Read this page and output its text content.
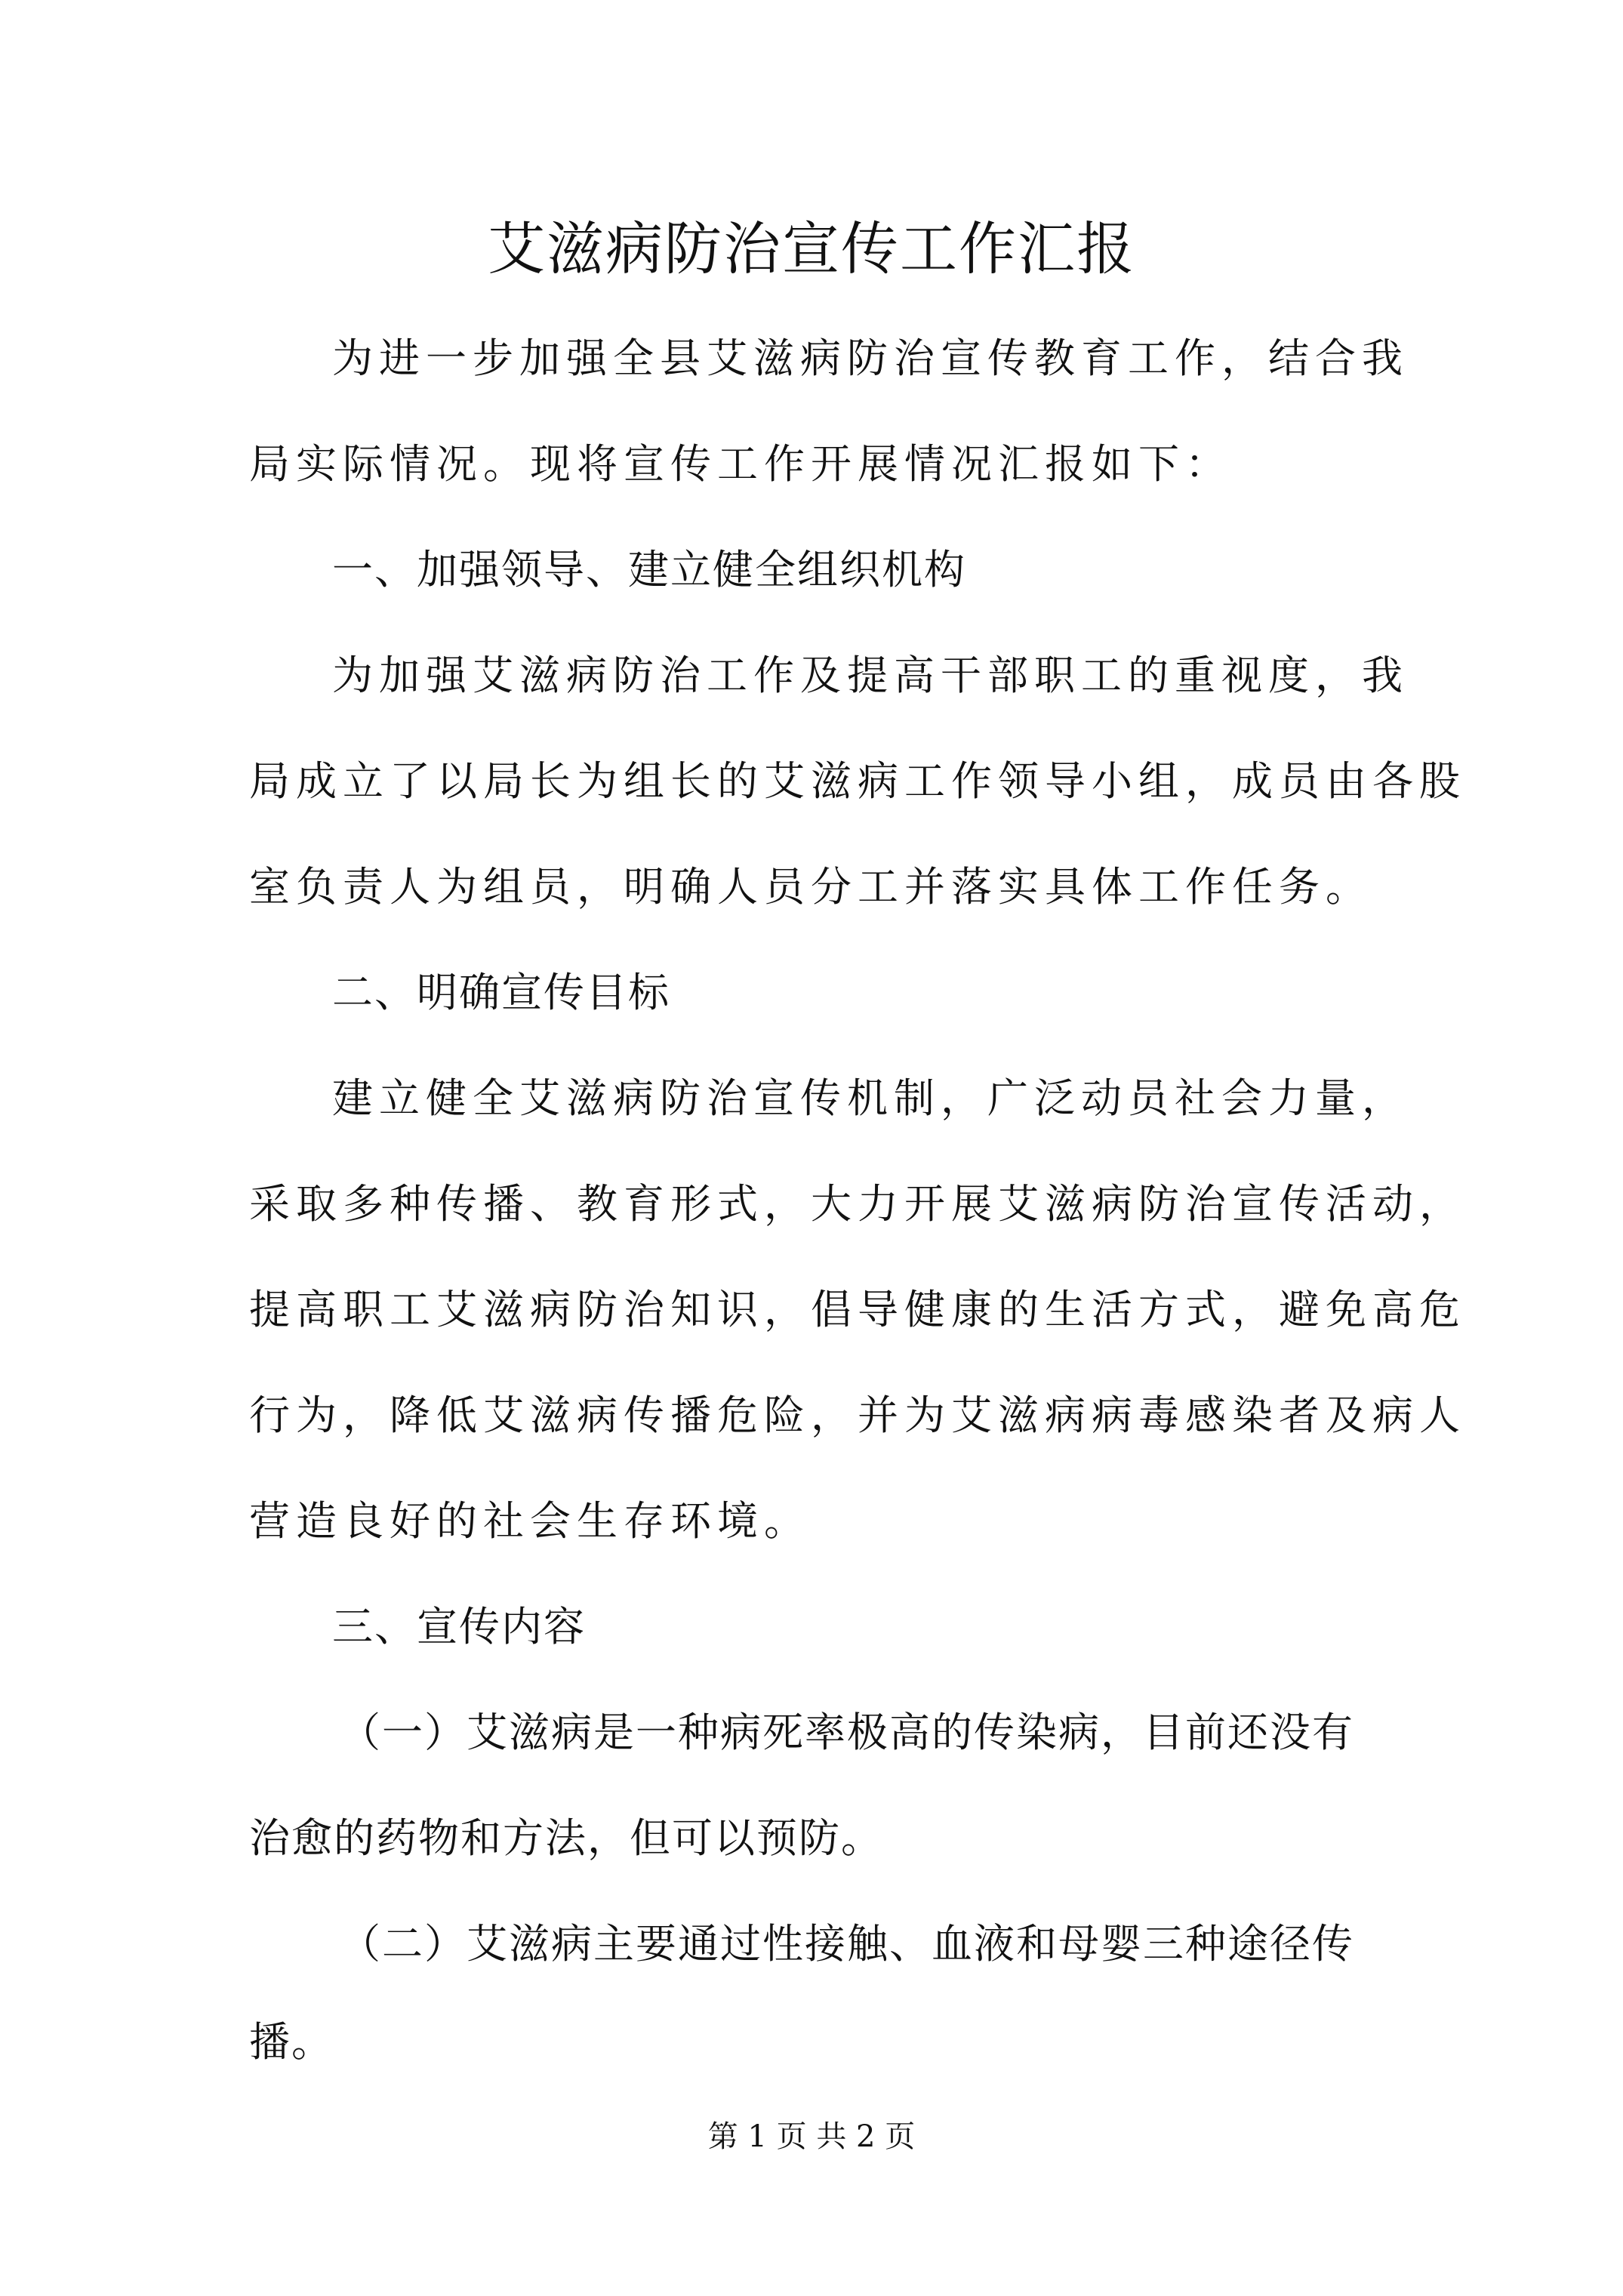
艾滋病防治宣传工作汇报

为进一步加强全县艾滋病防治宣传教育工作，结合我

局实际情况。现将宣传工作开展情况汇报如下：

一、加强领导、建立健全组织机构

为加强艾滋病防治工作及提高干部职工的重视度，我

局成立了以局长为组长的艾滋病工作领导小组，成员由各股

室负责人为组员，明确人员分工并落实具体工作任务。

二、明确宣传目标

建立健全艾滋病防治宣传机制，广泛动员社会力量，

采取多种传播、教育形式，大力开展艾滋病防治宣传活动，

提高职工艾滋病防治知识，倡导健康的生活方式，避免高危

行为，降低艾滋病传播危险，并为艾滋病病毒感染者及病人

营造良好的社会生存环境。

三、宣传内容

（一）艾滋病是一种病死率极高的传染病，目前还没有

治愈的药物和方法，但可以预防。

（二）艾滋病主要通过性接触、血液和母婴三种途径传

播。

第 1 页 共 2 页
